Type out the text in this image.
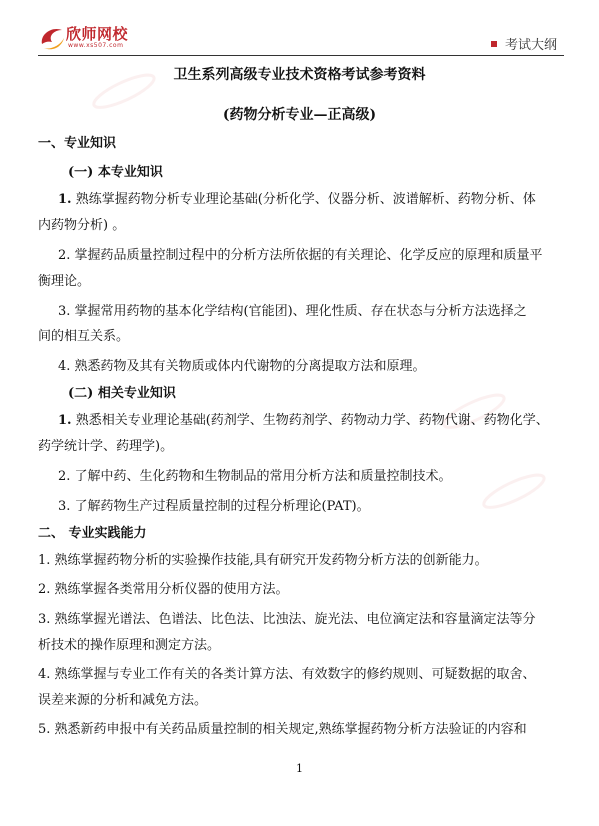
欣师网校
www.xs507.com	考试大纲
卫生系列高级专业技术资格考试参考资料
(药物分析专业—正高级)
一、专业知识
(一) 本专业知识
1. 熟练掌握药物分析专业理论基础(分析化学、仪器分析、波谱解析、药物分析、体
内药物分析) 。
2. 掌握药品质量控制过程中的分析方法所依据的有关理论、化学反应的原理和质量平
衡理论。
3. 掌握常用药物的基本化学结构(官能团)、理化性质、存在状态与分析方法选择之
间的相互关系。
4. 熟悉药物及其有关物质或体内代谢物的分离提取方法和原理。
(二) 相关专业知识
1. 熟悉相关专业理论基础(药剂学、生物药剂学、药物动力学、药物代谢、药物化学、
药学统计学、药理学)。
2. 了解中药、生化药物和生物制品的常用分析方法和质量控制技术。
3. 了解药物生产过程质量控制的过程分析理论(PAT)。
二、 专业实践能力
1. 熟练掌握药物分析的实验操作技能,具有研究开发药物分析方法的创新能力。
2. 熟练掌握各类常用分析仪器的使用方法。
3. 熟练掌握光谱法、色谱法、比色法、比浊法、旋光法、电位滴定法和容量滴定法等分
析技术的操作原理和测定方法。
4. 熟练掌握与专业工作有关的各类计算方法、有效数字的修约规则、可疑数据的取舍、
误差来源的分析和减免方法。
5. 熟悉新药申报中有关药品质量控制的相关规定,熟练掌握药物分析方法验证的内容和
1
